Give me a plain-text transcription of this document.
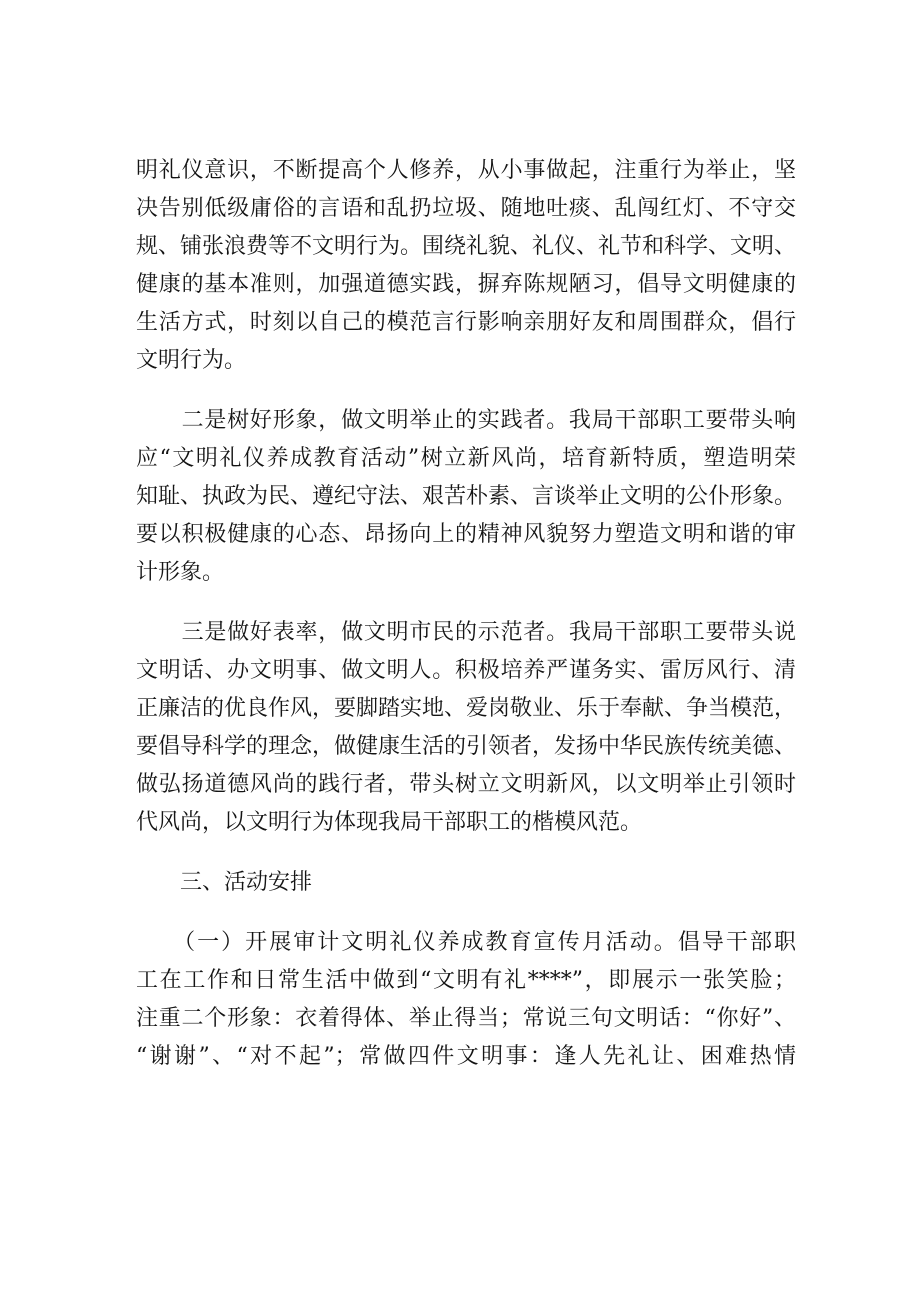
明礼仪意识，不断提高个人修养，从小事做起，注重行为举止，坚
决告别低级庸俗的言语和乱扔垃圾、随地吐痰、乱闯红灯、不守交
规、铺张浪费等不文明行为。围绕礼貌、礼仪、礼节和科学、文明、
健康的基本准则，加强道德实践，摒弃陈规陋习，倡导文明健康的
生活方式，时刻以自己的模范言行影响亲朋好友和周围群众，倡行
文明行为。
　　二是树好形象，做文明举止的实践者。我局干部职工要带头响
应“文明礼仪养成教育活动”树立新风尚，培育新特质，塑造明荣
知耻、执政为民、遵纪守法、艰苦朴素、言谈举止文明的公仆形象。
要以积极健康的心态、昂扬向上的精神风貌努力塑造文明和谐的审
计形象。
　　三是做好表率，做文明市民的示范者。我局干部职工要带头说
文明话、办文明事、做文明人。积极培养严谨务实、雷厉风行、清
正廉洁的优良作风，要脚踏实地、爱岗敬业、乐于奉献、争当模范，
要倡导科学的理念，做健康生活的引领者，发扬中华民族传统美德、
做弘扬道德风尚的践行者，带头树立文明新风，以文明举止引领时
代风尚，以文明行为体现我局干部职工的楷模风范。
　　三、活动安排
　　（一）开展审计文明礼仪养成教育宣传月活动。倡导干部职
工在工作和日常生活中做到“文明有礼****”，即展示一张笑脸；
注重二个形象：衣着得体、举止得当；常说三句文明话：“你好”、
“谢谢”、“对不起”；常做四件文明事：逢人先礼让、困难热情
